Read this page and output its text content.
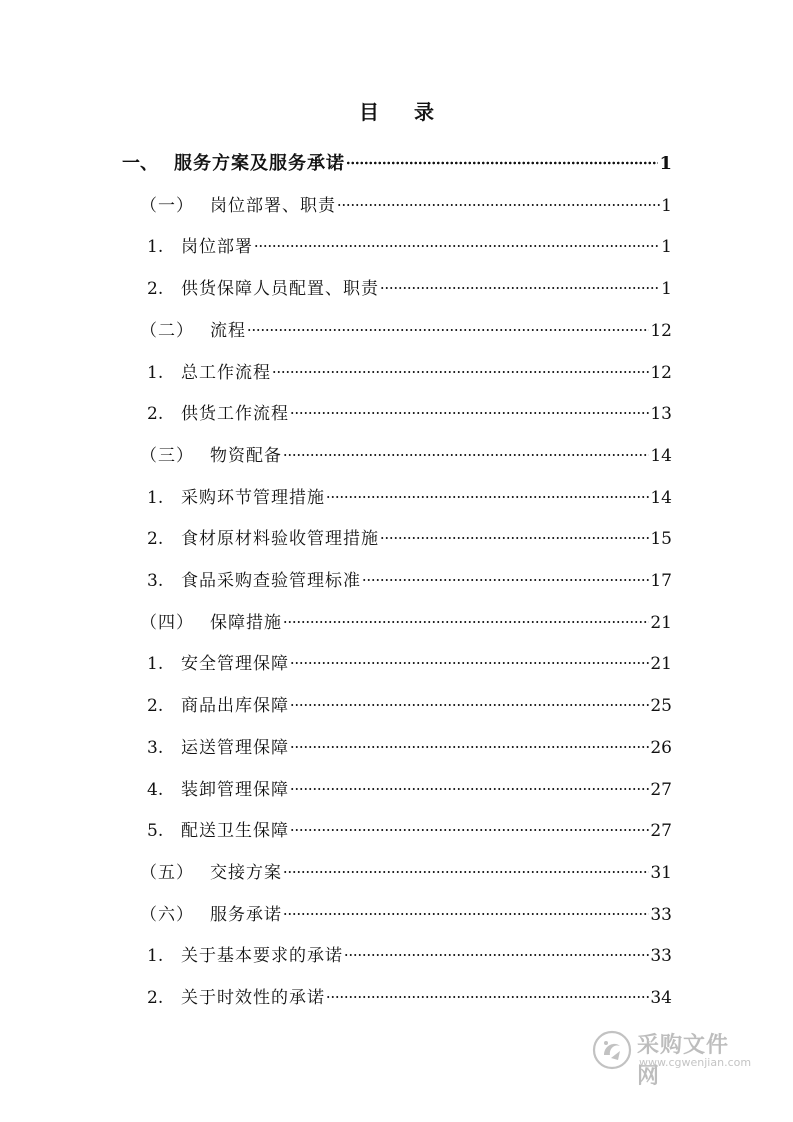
目 录
一、 服务方案及服务承诺	1
（一） 岗位部署、职责	1
1.	岗位部署	1
2.	供货保障人员配置、职责	1
（二） 流程	12
1.	总工作流程	12
2.	供货工作流程	13
（三） 物资配备	14
1.	采购环节管理措施	14
2.	食材原材料验收管理措施	15
3.	食品采购查验管理标准	17
（四） 保障措施	21
1.	安全管理保障	21
2.	商品出库保障	25
3.	运送管理保障	26
4.	装卸管理保障	27
5.	配送卫生保障	27
（五） 交接方案	31
（六） 服务承诺	33
1.	关于基本要求的承诺	33
2.	关于时效性的承诺	34
采购文件网
www.cgwenjian.com
